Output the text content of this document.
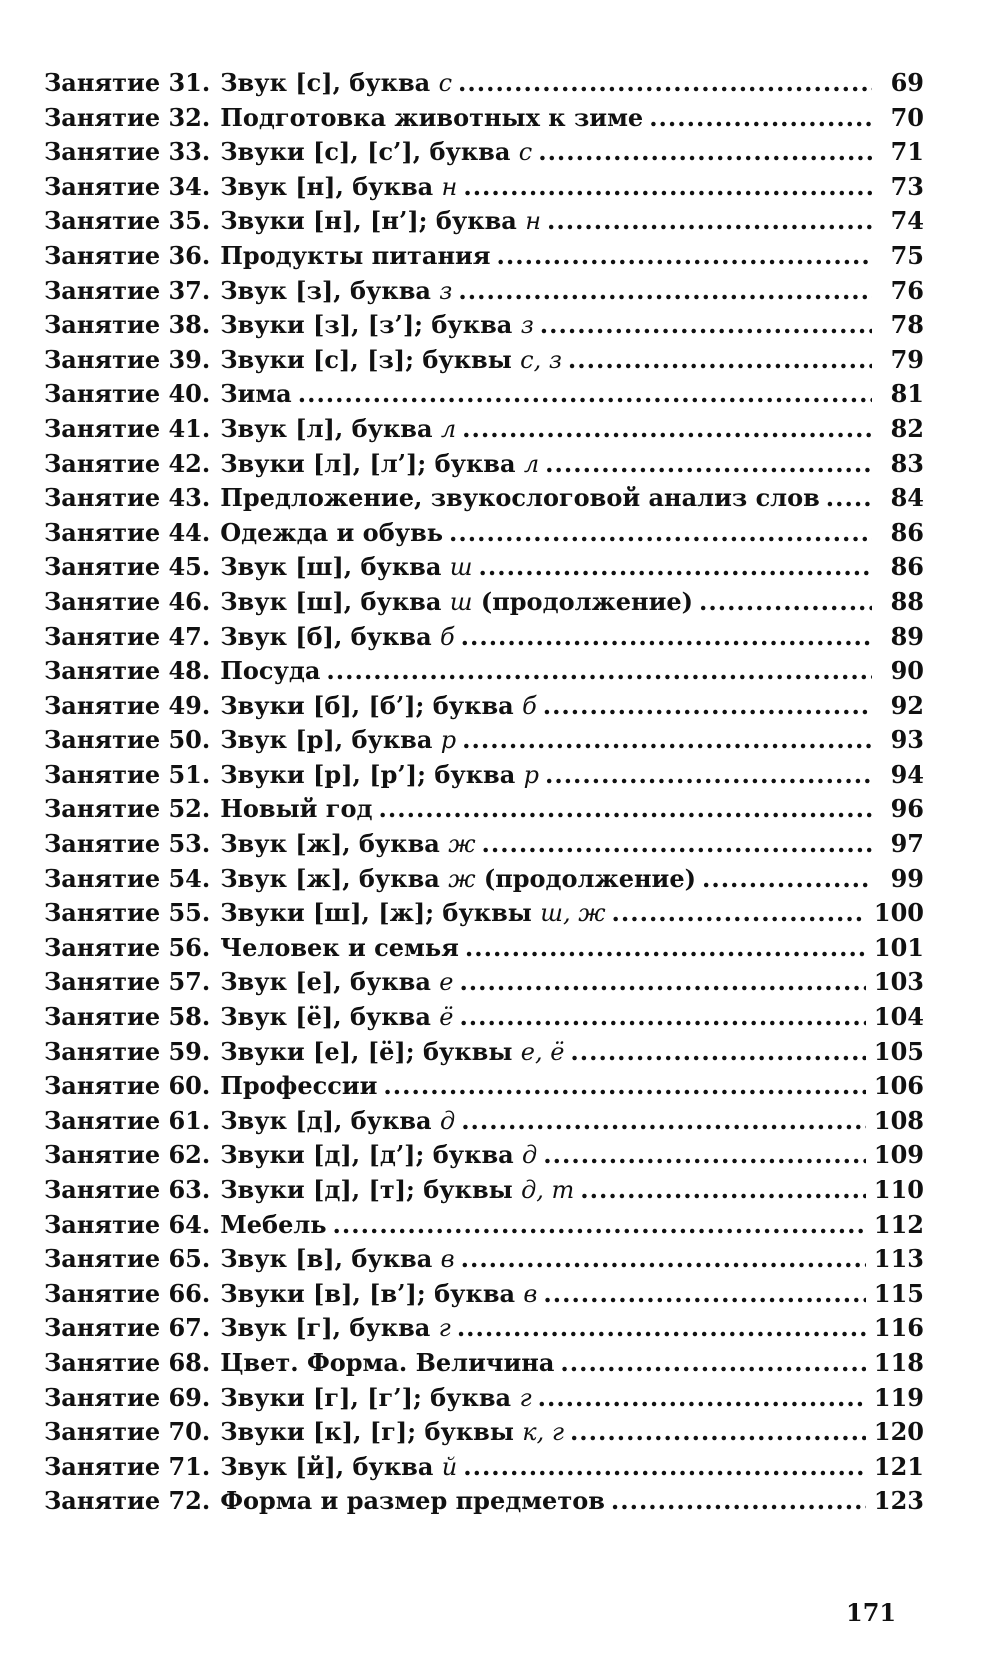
Занятие 31. Звук [с], буква с .....	69
Занятие 32. Подготовка животных к зиме .....	70
Занятие 33. Звуки [с], [с’], буква с .....	71
Занятие 34. Звук [н], буква н .....	73
Занятие 35. Звуки [н], [н’]; буква н .....	74
Занятие 36. Продукты питания .....	75
Занятие 37. Звук [з], буква з .....	76
Занятие 38. Звуки [з], [з’]; буква з .....	78
Занятие 39. Звуки [с], [з]; буквы с, з .....	79
Занятие 40. Зима .....	81
Занятие 41. Звук [л], буква л .....	82
Занятие 42. Звуки [л], [л’]; буква л .....	83
Занятие 43. Предложение, звукослоговой анализ слов .....	84
Занятие 44. Одежда и обувь .....	86
Занятие 45. Звук [ш], буква ш .....	86
Занятие 46. Звук [ш], буква ш (продолжение) .....	88
Занятие 47. Звук [б], буква б .....	89
Занятие 48. Посуда .....	90
Занятие 49. Звуки [б], [б’]; буква б .....	92
Занятие 50. Звук [р], буква р .....	93
Занятие 51. Звуки [р], [р’]; буква р .....	94
Занятие 52. Новый год .....	96
Занятие 53. Звук [ж], буква ж .....	97
Занятие 54. Звук [ж], буква ж (продолжение) .....	99
Занятие 55. Звуки [ш], [ж]; буквы ш, ж .....	100
Занятие 56. Человек и семья .....	101
Занятие 57. Звук [е], буква е .....	103
Занятие 58. Звук [ё], буква ё .....	104
Занятие 59. Звуки [е], [ё]; буквы е, ё .....	105
Занятие 60. Профессии .....	106
Занятие 61. Звук [д], буква д .....	108
Занятие 62. Звуки [д], [д’]; буква д .....	109
Занятие 63. Звуки [д], [т]; буквы д, т .....	110
Занятие 64. Мебель .....	112
Занятие 65. Звук [в], буква в .....	113
Занятие 66. Звуки [в], [в’]; буква в .....	115
Занятие 67. Звук [г], буква г .....	116
Занятие 68. Цвет. Форма. Величина .....	118
Занятие 69. Звуки [г], [г’]; буква г .....	119
Занятие 70. Звуки [к], [г]; буквы к, г .....	120
Занятие 71. Звук [й], буква й .....	121
Занятие 72. Форма и размер предметов .....	123
171
